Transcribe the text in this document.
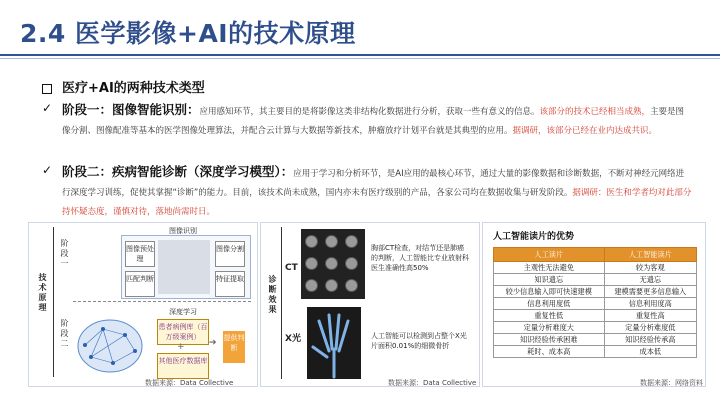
2.4 医学影像+AI的技术原理
医疗+AI的两种技术类型
✓ 阶段一：图像智能识别：应用感知环节，其主要目的是将影像这类非结构化数据进行分析，获取一些有意义的信息。该部分的技术已经相当成熟，主要是图像分割、图像配准等基本的医学图像处理算法，并配合云计算与大数据等新技术，肿瘤放疗计划平台就是其典型的应用。据调研，该部分已经在业内达成共识。
✓ 阶段二：疾病智能诊断（深度学习模型）：应用于学习和分析环节，是AI应用的最核心环节，通过大量的影像数据和诊断数据，不断对神经元网络进行深度学习训练，促使其掌握“诊断”的能力。目前，该技术尚未成熟，国内亦未有医疗级别的产品，各家公司均在数据收集与研发阶段。据调研：医生和学者均对此部分持怀疑态度，谨慎对待，落地尚需时日。
技术原理
阶段一
阶段二
图像识别
图像预处理
图像分割
匹配判断	特征提取
深度学习
患者病例库（百万级案例）
+
其他医疗数据库
➔ 提供判断
数据来源：Data Collective
诊断效果
CT
胸部CT检查，对结节还是肺癌的判断，人工智能比专业放射科医生准确性高50%
X光	人工智能可以检测到占整个X光片面积0.01%的细微骨折
数据来源：Data Collective
人工智能读片的优势
人工读片	人工智能读片
主观性无法避免	较为客观
知识遗忘	无遗忘
较少信息输入即可快速建模	建模需要更多信息输入
信息利用度低	信息利用度高
重复性低	重复性高
定量分析难度大	定量分析难度低
知识经验传承困难	知识经验传承高
耗时、成本高	成本低
数据来源：网络资料
